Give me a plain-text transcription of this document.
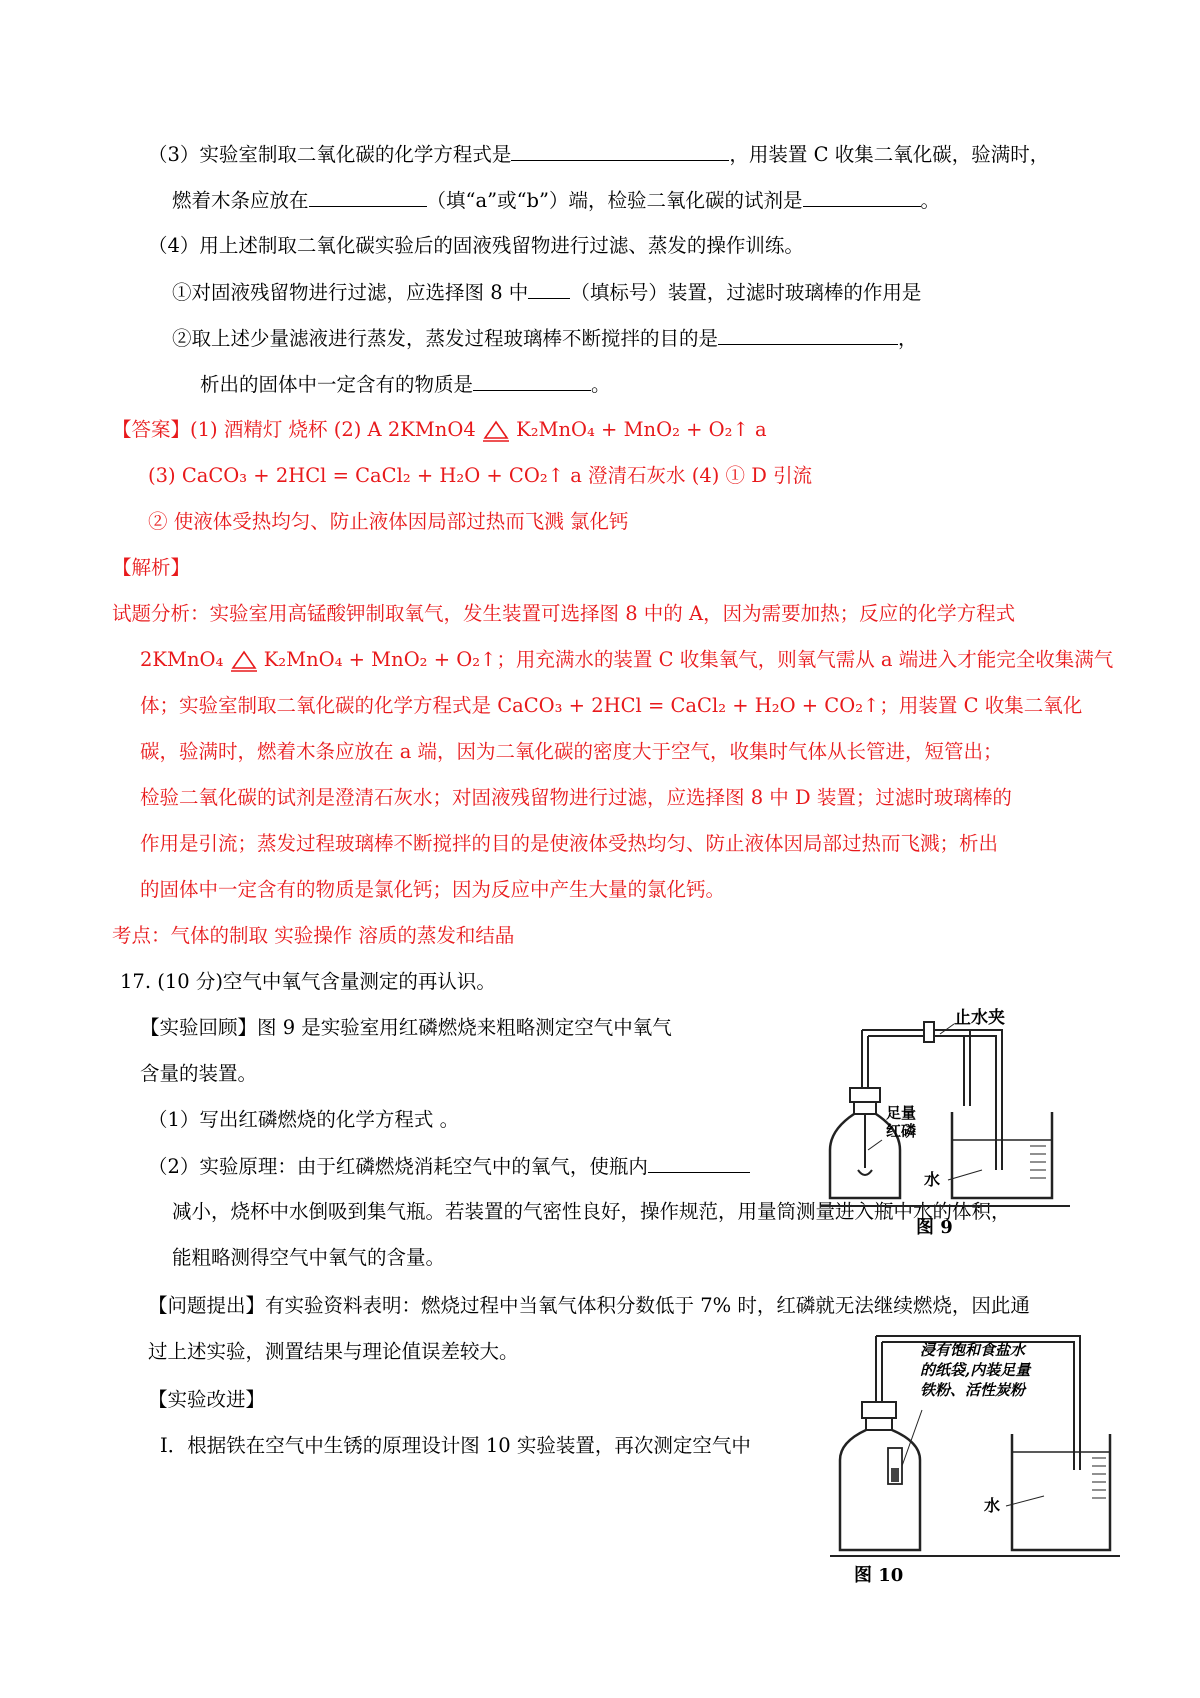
（3）实验室制取二氧化碳的化学方程式是	，用装置 C 收集二氧化碳，验满时，
燃着木条应放在	（填“a”或“b”）端，检验二氧化碳的试剂是	。
（4）用上述制取二氧化碳实验后的固液残留物进行过滤、蒸发的操作训练。
①对固液残留物进行过滤，应选择图 8 中 （填标号）装置，过滤时玻璃棒的作用是
②取上述少量滤液进行蒸发，蒸发过程玻璃棒不断搅拌的目的是	，
析出的固体中一定含有的物质是	。
【答案】(1) 酒精灯 烧杯 (2) A 2KMnO4 K₂MnO₄ + MnO₂ + O₂↑ a
(3) CaCO₃ + 2HCl = CaCl₂ + H₂O + CO₂↑ a 澄清石灰水 (4) ① D 引流
② 使液体受热均匀、防止液体因局部过热而飞溅 氯化钙
【解析】
试题分析：实验室用高锰酸钾制取氧气，发生装置可选择图 8 中的 A，因为需要加热；反应的化学方程式
2KMnO₄ K₂MnO₄ + MnO₂ + O₂↑；用充满水的装置 C 收集氧气，则氧气需从 a 端进入才能完全收集满气
体；实验室制取二氧化碳的化学方程式是 CaCO₃ + 2HCl = CaCl₂ + H₂O + CO₂↑；用装置 C 收集二氧化
碳，验满时，燃着木条应放在 a 端，因为二氧化碳的密度大于空气，收集时气体从长管进，短管出；
检验二氧化碳的试剂是澄清石灰水；对固液残留物进行过滤，应选择图 8 中 D 装置；过滤时玻璃棒的
作用是引流；蒸发过程玻璃棒不断搅拌的目的是使液体受热均匀、防止液体因局部过热而飞溅；析出
的固体中一定含有的物质是氯化钙；因为反应中产生大量的氯化钙。
考点：气体的制取 实验操作 溶质的蒸发和结晶
17. (10 分)空气中氧气含量测定的再认识。
【实验回顾】图 9 是实验室用红磷燃烧来粗略测定空气中氧气
含量的装置。
（1）写出红磷燃烧的化学方程式 。
（2）实验原理：由于红磷燃烧消耗空气中的氧气，使瓶内
减小，烧杯中水倒吸到集气瓶。若装置的气密性良好，操作规范，用量筒测量进入瓶中水的体积，
能粗略测得空气中氧气的含量。
【问题提出】有实验资料表明：燃烧过程中当氧气体积分数低于 7% 时，红磷就无法继续燃烧，因此通
过上述实验，测置结果与理论值误差较大。
【实验改进】
Ⅰ．根据铁在空气中生锈的原理设计图 10 实验装置，再次测定空气中
止水夹
足量
红磷
水
图 9
浸有饱和食盐水
的纸袋,内装足量
铁粉、活性炭粉
水
图 10
